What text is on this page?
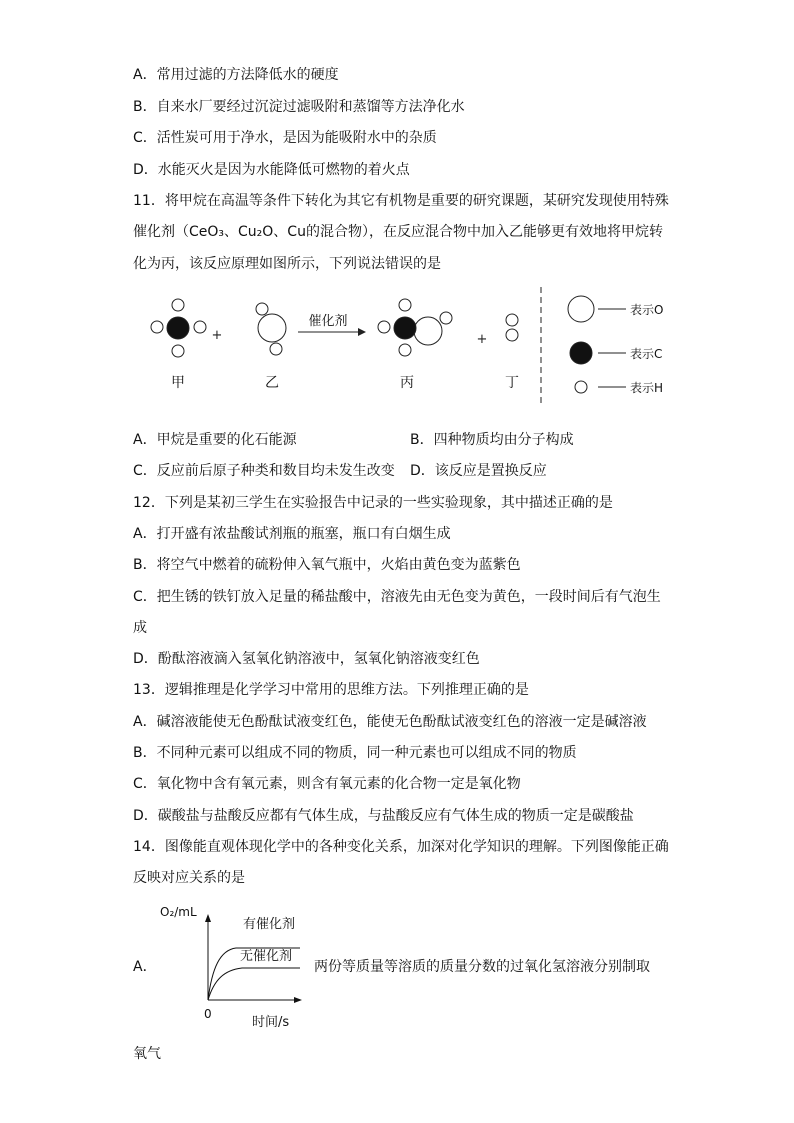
A．常用过滤的方法降低水的硬度
B．自来水厂要经过沉淀过滤吸附和蒸馏等方法净化水
C．活性炭可用于净水，是因为能吸附水中的杂质
D．水能灭火是因为水能降低可燃物的着火点
11．将甲烷在高温等条件下转化为其它有机物是重要的研究课题，某研究发现使用特殊
催化剂（CeO₃、Cu₂O、Cu的混合物），在反应混合物中加入乙能够更有效地将甲烷转
化为丙，该反应原理如图所示，下列说法错误的是
+	+
催化剂
甲	乙	丙	丁
表示O
表示C
表示H
A．甲烷是重要的化石能源	B．四种物质均由分子构成
C．反应前后原子种类和数目均未发生改变 D．该反应是置换反应
12．下列是某初三学生在实验报告中记录的一些实验现象，其中描述正确的是
A．打开盛有浓盐酸试剂瓶的瓶塞，瓶口有白烟生成
B．将空气中燃着的硫粉伸入氧气瓶中，火焰由黄色变为蓝紫色
C．把生锈的铁钉放入足量的稀盐酸中，溶液先由无色变为黄色，一段时间后有气泡生
成
D．酚酞溶液滴入氢氧化钠溶液中，氢氧化钠溶液变红色
13．逻辑推理是化学学习中常用的思维方法。下列推理正确的是
A．碱溶液能使无色酚酞试液变红色，能使无色酚酞试液变红色的溶液一定是碱溶液
B．不同种元素可以组成不同的物质，同一种元素也可以组成不同的物质
C．氧化物中含有氧元素，则含有氧元素的化合物一定是氧化物
D．碳酸盐与盐酸反应都有气体生成，与盐酸反应有气体生成的物质一定是碳酸盐
14．图像能直观体现化学中的各种变化关系，加深对化学知识的理解。下列图像能正确
反映对应关系的是
A．
O₂/mL
有催化剂
无催化剂
0
时间/s
两份等质量等溶质的质量分数的过氧化氢溶液分别制取
氧气
